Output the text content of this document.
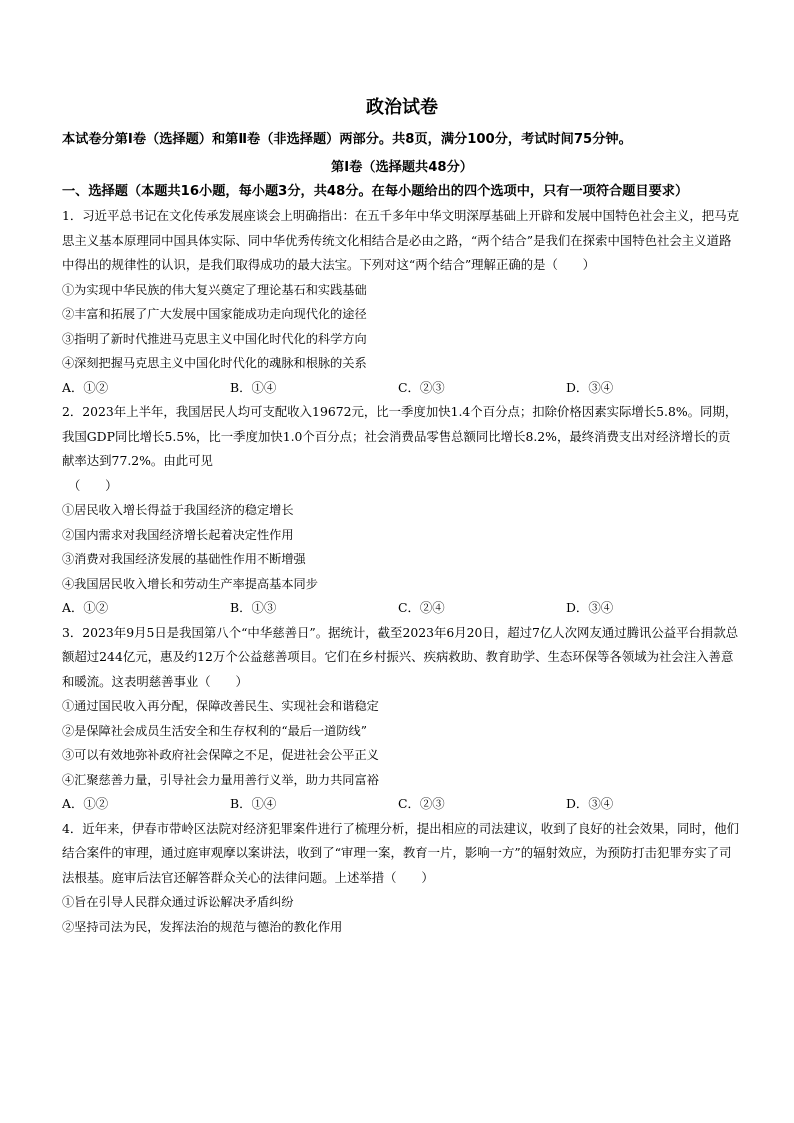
政治试卷

本试卷分第Ⅰ卷（选择题）和第Ⅱ卷（非选择题）两部分。共8页，满分100分，考试时间75分钟。

第Ⅰ卷（选择题共48分）

一、选择题（本题共16小题，每小题3分，共48分。在每小题给出的四个选项中，只有一项符合题目要求）

1．习近平总书记在文化传承发展座谈会上明确指出：在五千多年中华文明深厚基础上开辟和发展中国特色社会主义，把马克思主义基本原理同中国具体实际、同中华优秀传统文化相结合是必由之路，“两个结合”是我们在探索中国特色社会主义道路中得出的规律性的认识，是我们取得成功的最大法宝。下列对这“两个结合”理解正确的是（　　）

①为实现中华民族的伟大复兴奠定了理论基石和实践基础
②丰富和拓展了广大发展中国家能成功走向现代化的途径
③指明了新时代推进马克思主义中国化时代化的科学方向
④深刻把握马克思主义中国化时代化的魂脉和根脉的关系
A．①②	B．①④	C．②③	D．③④

2．2023年上半年，我国居民人均可支配收入19672元，比一季度加快1.4个百分点；扣除价格因素实际增长5.8%。同期，我国GDP同比增长5.5%，比一季度加快1.0个百分点；社会消费品零售总额同比增长8.2%，最终消费支出对经济增长的贡献率达到77.2%。由此可见

（　　）
①居民收入增长得益于我国经济的稳定增长
②国内需求对我国经济增长起着决定性作用
③消费对我国经济发展的基础性作用不断增强
④我国居民收入增长和劳动生产率提高基本同步
A．①②	B．①③	C．②④	D．③④

3．2023年9月5日是我国第八个“中华慈善日”。据统计，截至2023年6月20日，超过7亿人次网友通过腾讯公益平台捐款总额超过244亿元，惠及约12万个公益慈善项目。它们在乡村振兴、疾病救助、教育助学、生态环保等各领域为社会注入善意和暖流。这表明慈善事业（　　）

①通过国民收入再分配，保障改善民生、实现社会和谐稳定
②是保障社会成员生活安全和生存权利的“最后一道防线”
③可以有效地弥补政府社会保障之不足，促进社会公平正义
④汇聚慈善力量，引导社会力量用善行义举，助力共同富裕
A．①②	B．①④	C．②③	D．③④

4．近年来，伊春市带岭区法院对经济犯罪案件进行了梳理分析，提出相应的司法建议，收到了良好的社会效果，同时，他们结合案件的审理，通过庭审观摩以案讲法，收到了“审理一案，教育一片，影响一方”的辐射效应，为预防打击犯罪夯实了司法根基。庭审后法官还解答群众关心的法律问题。上述举措（　　）

①旨在引导人民群众通过诉讼解决矛盾纠纷
②坚持司法为民，发挥法治的规范与德治的教化作用
